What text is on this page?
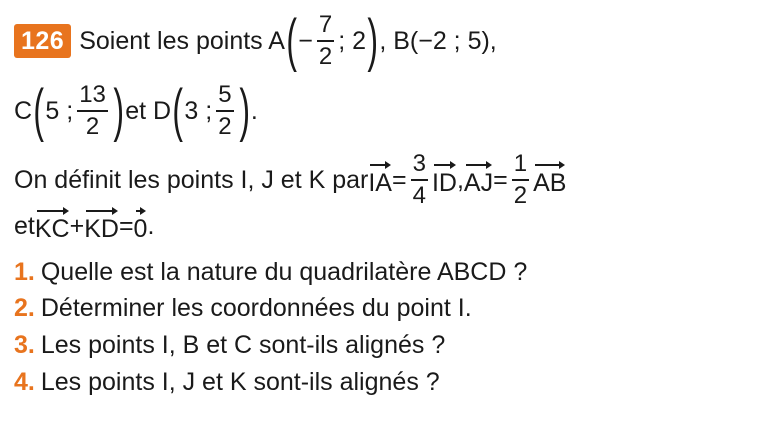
126 Soient les points A ( − $\frac{7}{2}$ ; 2 ) , B(−2 ; 5),
C ( 5 ; $\frac{13}{2}$ ) et D ( 3 ; $\frac{5}{2}$ ) .
On définit les points I, J et K par IA = $\frac{3}{4}$ ID , AJ = $\frac{1}{2}$ AB
et KC + KD = 0 .
1. Quelle est la nature du quadrilatère ABCD ?
2. Déterminer les coordonnées du point I.
3. Les points I, B et C sont-ils alignés ?
4. Les points I, J et K sont-ils alignés ?
